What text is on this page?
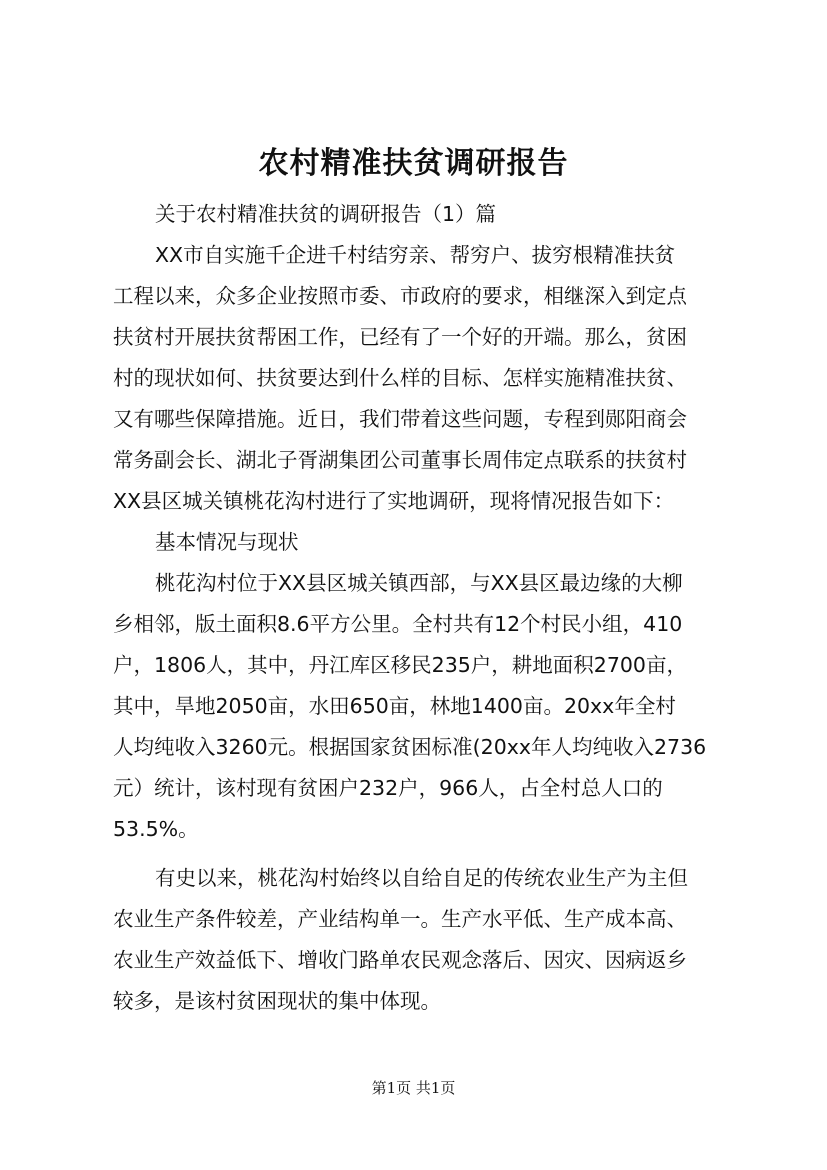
农村精准扶贫调研报告
关于农村精准扶贫的调研报告（1）篇
XX市自实施千企进千村结穷亲、帮穷户、拔穷根精准扶贫
工程以来，众多企业按照市委、市政府的要求，相继深入到定点
扶贫村开展扶贫帮困工作，已经有了一个好的开端。那么，贫困
村的现状如何、扶贫要达到什么样的目标、怎样实施精准扶贫、
又有哪些保障措施。近日，我们带着这些问题，专程到郧阳商会
常务副会长、湖北子胥湖集团公司董事长周伟定点联系的扶贫村
XX县区城关镇桃花沟村进行了实地调研，现将情况报告如下：
基本情况与现状
桃花沟村位于XX县区城关镇西部，与XX县区最边缘的大柳
乡相邻，版土面积8.6平方公里。全村共有12个村民小组，410
户，1806人，其中，丹江库区移民235户，耕地面积2700亩，
其中，旱地2050亩，水田650亩，林地1400亩。20xx年全村
人均纯收入3260元。根据国家贫困标准(20xx年人均纯收入2736
元）统计，该村现有贫困户232户，966人，占全村总人口的
53.5%。
有史以来，桃花沟村始终以自给自足的传统农业生产为主但
农业生产条件较差，产业结构单一。生产水平低、生产成本高、
农业生产效益低下、增收门路单农民观念落后、因灾、因病返乡
较多，是该村贫困现状的集中体现。
第1页 共1页
